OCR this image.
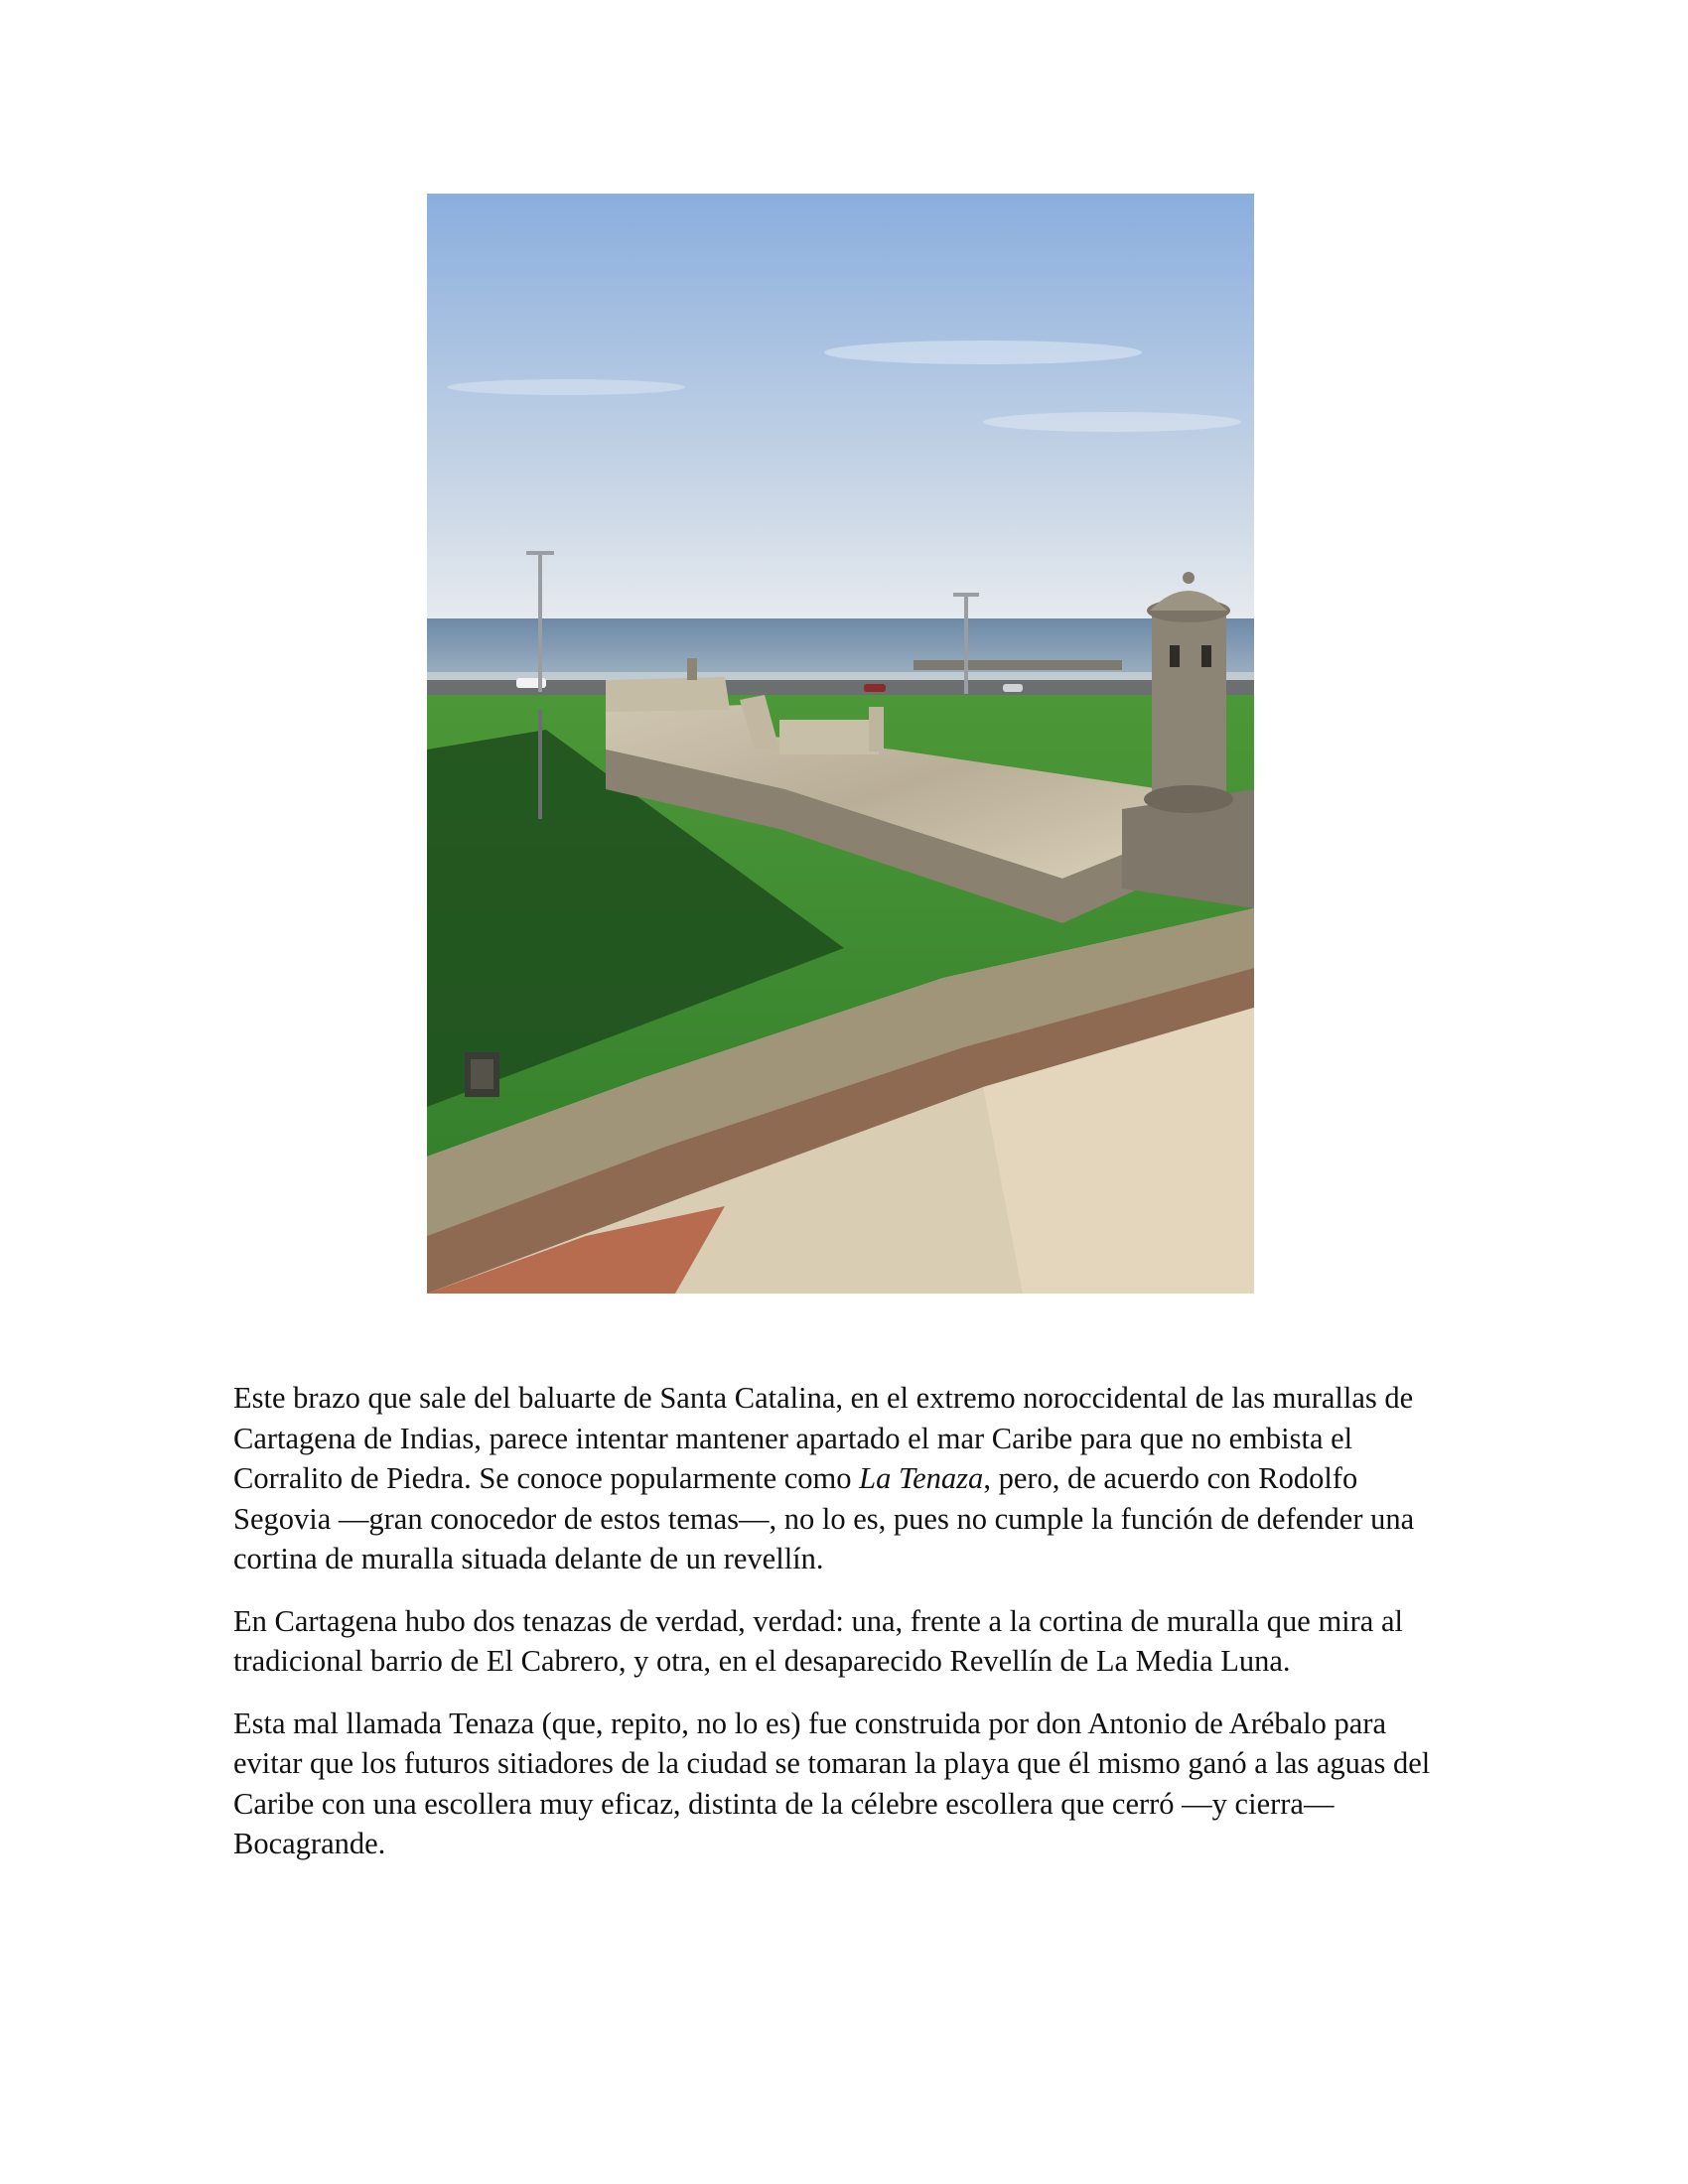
Este brazo que sale del baluarte de Santa Catalina, en el extremo noroccidental de las murallas de Cartagena de Indias, parece intentar mantener apartado el mar Caribe para que no embista el Corralito de Piedra. Se conoce popularmente como La Tenaza, pero, de acuerdo con Rodolfo Segovia —gran conocedor de estos temas—, no lo es, pues no cumple la función de defender una cortina de muralla situada delante de un revellín.

En Cartagena hubo dos tenazas de verdad, verdad: una, frente a la cortina de muralla que mira al tradicional barrio de El Cabrero, y otra, en el desaparecido Revellín de La Media Luna.

Esta mal llamada Tenaza (que, repito, no lo es) fue construida por don Antonio de Arébalo para evitar que los futuros sitiadores de la ciudad se tomaran la playa que él mismo ganó a las aguas del Caribe con una escollera muy eficaz, distinta de la célebre escollera que cerró —y cierra— Bocagrande.
